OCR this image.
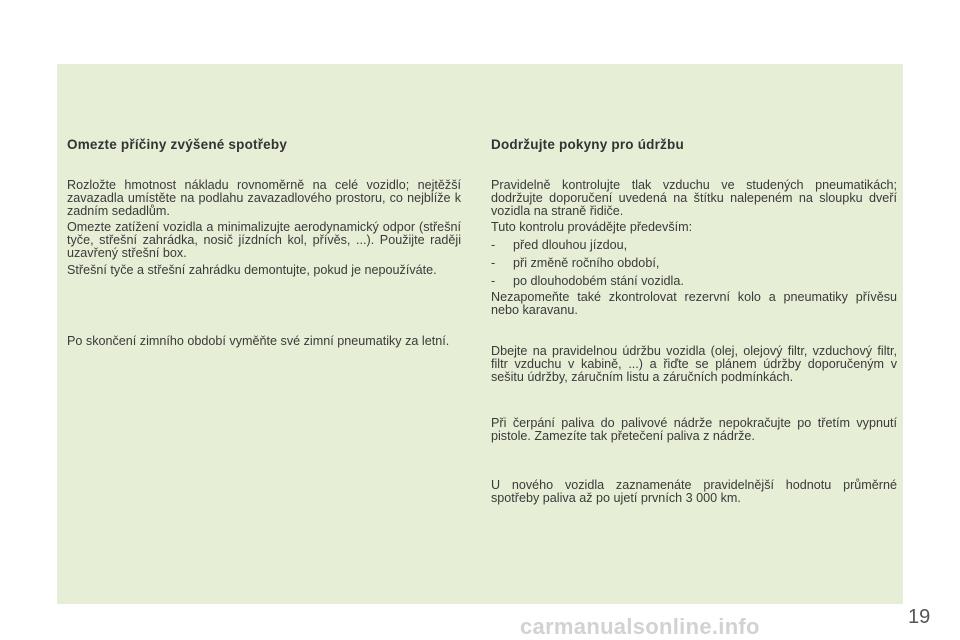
Omezte příčiny zvýšené spotřeby

Rozložte hmotnost nákladu rovnoměrně na celé vozidlo; nejtěžší zavazadla umístěte na podlahu zavazadlového prostoru, co nejblíže k zadním sedadlům.

Omezte zatížení vozidla a minimalizujte aerodynamický odpor (střešní tyče, střešní zahrádka, nosič jízdních kol, přívěs, ...). Použijte raději uzavřený střešní box.

Střešní tyče a střešní zahrádku demontujte, pokud je nepoužíváte.

Po skončení zimního období vyměňte své zimní pneumatiky za letní.

Dodržujte pokyny pro údržbu

Pravidelně kontrolujte tlak vzduchu ve studených pneumatikách; dodržujte doporučení uvedená na štítku nalepeném na sloupku dveří vozidla na straně řidiče.

Tuto kontrolu provádějte především:

- před dlouhou jízdou,
- při změně ročního období,
- po dlouhodobém stání vozidla.

Nezapomeňte také zkontrolovat rezervní kolo a pneumatiky přívěsu nebo karavanu.

Dbejte na pravidelnou údržbu vozidla (olej, olejový filtr, vzduchový filtr, filtr vzduchu v kabině, ...) a řiďte se plánem údržby doporučeným v sešitu údržby, záručním listu a záručních podmínkách.

Při čerpání paliva do palivové nádrže nepokračujte po třetím vypnutí pistole. Zamezíte tak přetečení paliva z nádrže.

U nového vozidla zaznamenáte pravidelnější hodnotu průměrné spotřeby paliva až po ujetí prvních 3 000 km.

19
carmanualsonline.info
